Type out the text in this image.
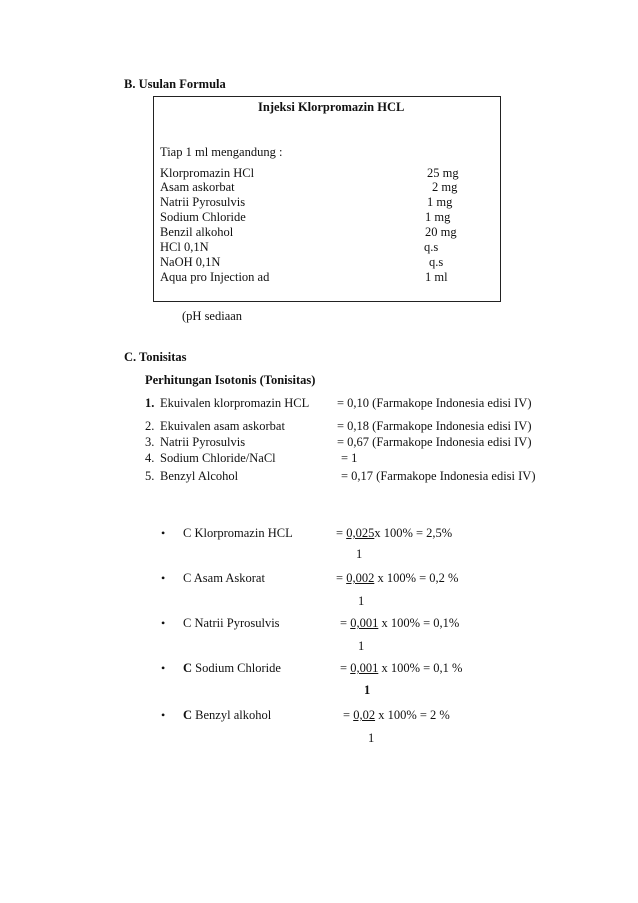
B. Usulan Formula
Injeksi Klorpromazin HCL
Tiap 1 ml mengandung :
Klorpromazin HCl	25 mg
Asam askorbat	2 mg
Natrii Pyrosulvis	1 mg
Sodium Chloride	1 mg
Benzil alkohol	20 mg
HCl 0,1N	q.s
NaOH 0,1N	q.s
Aqua pro Injection ad	1 ml
(pH sediaan
C. Tonisitas
Perhitungan Isotonis (Tonisitas)
1. Ekuivalen klorpromazin HCL = 0,10 (Farmakope Indonesia edisi IV)
2. Ekuivalen asam askorbat	= 0,18 (Farmakope Indonesia edisi IV)
3. Natrii Pyrosulvis	= 0,67 (Farmakope Indonesia edisi IV)
4. Sodium Chloride/NaCl	= 1
5. Benzyl Alcohol	= 0,17 (Farmakope Indonesia edisi IV)
• C Klorpromazin HCL	= 0,025x 100% = 2,5%
1
• C Asam Askorat	= 0,002 x 100% = 0,2 %
1
• C Natrii Pyrosulvis	= 0,001 x 100% = 0,1%
1
• C Sodium Chloride	= 0,001 x 100% = 0,1 %
1
• C Benzyl alkohol	= 0,02 x 100% = 2 %
1
